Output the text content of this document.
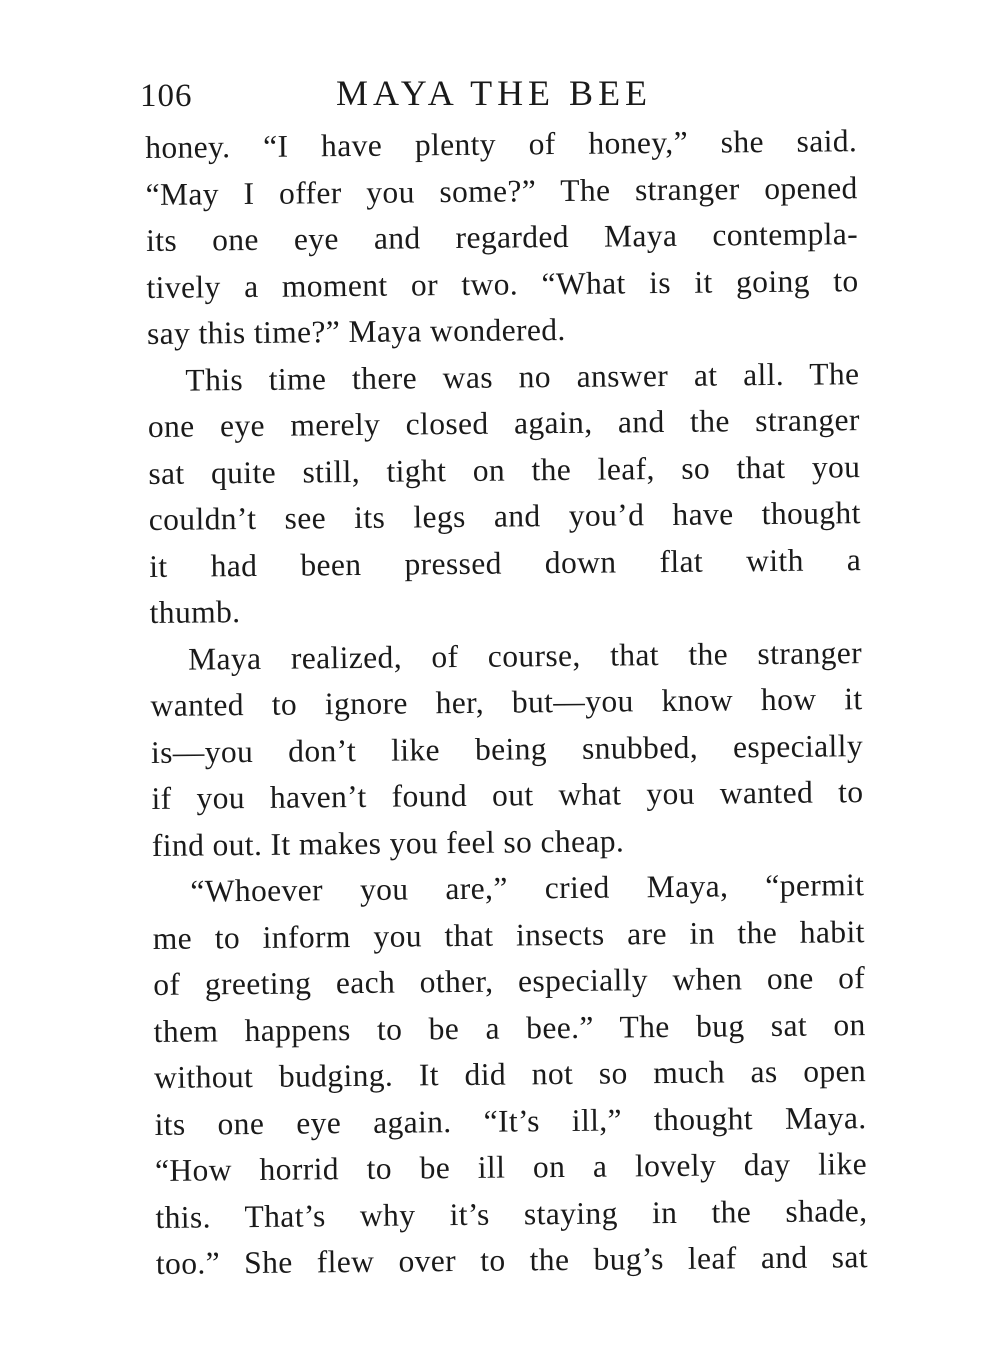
106	MAYA THE BEE
honey. “I have plenty of honey,” she said.
“May I offer you some?” The stranger opened
its one eye and regarded Maya contempla-
tively a moment or two. “What is it going to
say this time?” Maya wondered.
This time there was no answer at all. The
one eye merely closed again, and the stranger
sat quite still, tight on the leaf, so that you
couldn’t see its legs and you’d have thought
it had been pressed down flat with a
thumb.
Maya realized, of course, that the stranger
wanted to ignore her, but—you know how it
is—you don’t like being snubbed, especially
if you haven’t found out what you wanted to
find out. It makes you feel so cheap.
“Whoever you are,” cried Maya, “permit
me to inform you that insects are in the habit
of greeting each other, especially when one of
them happens to be a bee.” The bug sat on
without budging. It did not so much as open
its one eye again. “It’s ill,” thought Maya.
“How horrid to be ill on a lovely day like
this. That’s why it’s staying in the shade,
too.” She flew over to the bug’s leaf and sat
